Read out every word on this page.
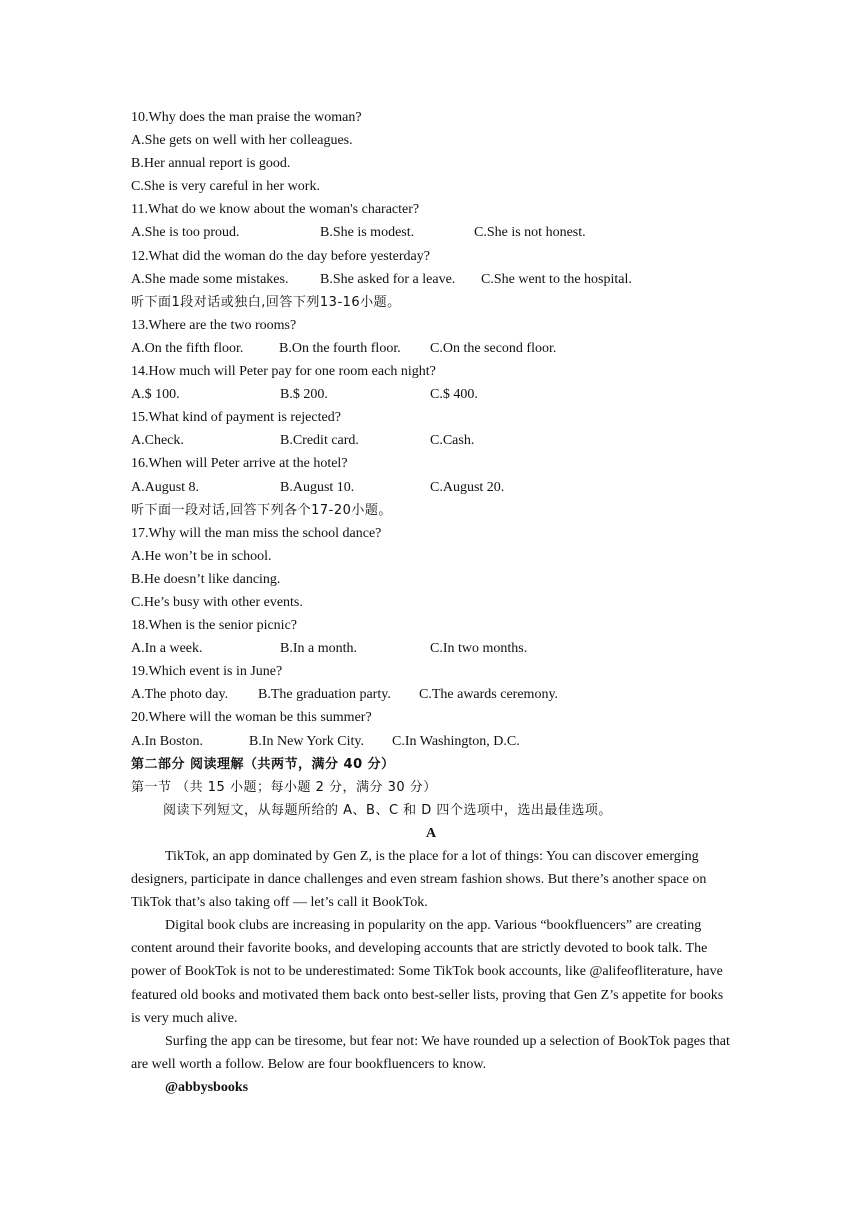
10.Why does the man praise the woman?
A.She gets on well with her colleagues.
B.Her annual report is good.
C.She is very careful in her work.
11.What do we know about the woman's character?
A.She is too proud.	B.She is modest.	C.She is not honest.
12.What did the woman do the day before yesterday?
A.She made some mistakes. B.She asked for a leave. C.She went to the hospital.
听下面1段对话或独白,回答下列13-16小题。
13.Where are the two rooms?
A.On the fifth floor.	B.On the fourth floor. C.On the second floor.
14.How much will Peter pay for one room each night?
A.$ 100.	B.$ 200.	C.$ 400.
15.What kind of payment is rejected?
A.Check.	B.Credit card.	C.Cash.
16.When will Peter arrive at the hotel?
A.August 8.	B.August 10.	C.August 20.
听下面一段对话,回答下列各个17-20小题。
17.Why will the man miss the school dance?
A.He won’t be in school.
B.He doesn’t like dancing.
C.He’s busy with other events.
18.When is the senior picnic?
A.In a week.	B.In a month.	C.In two months.
19.Which event is in June?
A.The photo day. B.The graduation party. C.The awards ceremony.
20.Where will the woman be this summer?
A.In Boston.	B.In New York City. C.In Washington, D.C.
第二部分 阅读理解（共两节，满分 40 分）
第一节 （共 15 小题；每小题 2 分，满分 30 分）
阅读下列短文，从每题所给的 A、B、C 和 D 四个选项中，选出最佳选项。
A
TikTok, an app dominated by Gen Z, is the place for a lot of things: You can discover emerging designers, participate in dance challenges and even stream fashion shows. But there’s another space on TikTok that’s also taking off — let’s call it BookTok.
Digital book clubs are increasing in popularity on the app. Various “bookfluencers” are creating content around their favorite books, and developing accounts that are strictly devoted to book talk. The power of BookTok is not to be underestimated: Some TikTok book accounts, like @alifeofliterature, have featured old books and motivated them back onto best-seller lists, proving that Gen Z’s appetite for books is very much alive.
Surfing the app can be tiresome, but fear not: We have rounded up a selection of BookTok pages that are well worth a follow. Below are four bookfluencers to know.
@abbysbooks
